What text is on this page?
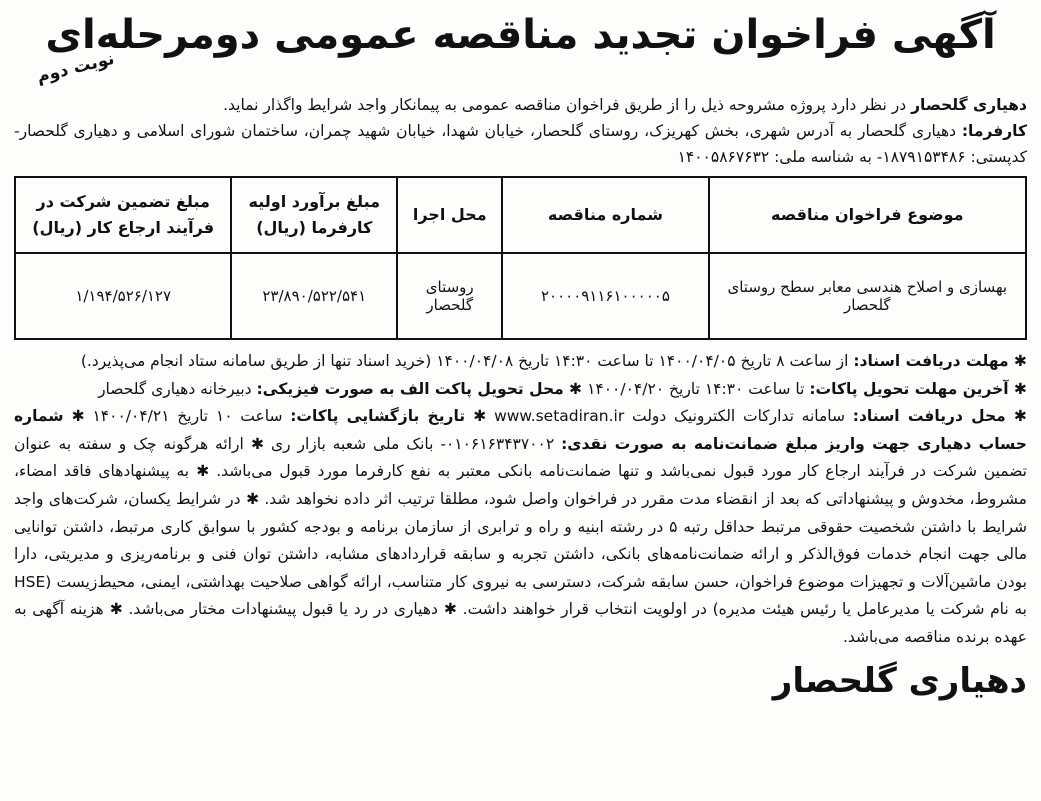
آگهی فراخوان تجدید مناقصه عمومی دومرحله‌ای
نوبت دوم

دهیاری گلحصار در نظر دارد پروژه مشروحه ذیل را از طریق فراخوان مناقصه عمومی به پیمانکار واجد شرایط واگذار نماید.

کارفرما: دهیاری گلحصار به آدرس شهری، بخش کهریزک، روستای گلحصار، خیابان شهدا، خیابان شهید چمران، ساختمان شورای اسلامی و دهیاری گلحصار- کدپستی: ۱۸۷۹۱۵۳۴۸۶- به شناسه ملی: ۱۴۰۰۵۸۶۷۶۳۲

موضوع فراخوان مناقصه	شماره مناقصه	محل اجرا	مبلغ برآورد اولیه کارفرما (ریال)	مبلغ تضمین شرکت در فرآیند ارجاع کار (ریال)
بهسازی و اصلاح هندسی معابر سطح روستای گلحصار	۲۰۰۰۰۹۱۱۶۱۰۰۰۰۰۵	روستای گلحصار	۲۳/۸۹۰/۵۲۲/۵۴۱	۱/۱۹۴/۵۲۶/۱۲۷

✱ مهلت دریافت اسناد: از ساعت ۸ تاریخ ۱۴۰۰/۰۴/۰۵ تا ساعت ۱۴:۳۰ تاریخ ۱۴۰۰/۰۴/۰۸ (خرید اسناد تنها از طریق سامانه ستاد انجام می‌پذیرد.)
✱ آخرین مهلت تحویل پاکات: تا ساعت ۱۴:۳۰ تاریخ ۱۴۰۰/۰۴/۲۰ ✱ محل تحویل پاکت الف به صورت فیزیکی: دبیرخانه دهیاری گلحصار
✱ محل دریافت اسناد: سامانه تدارکات الکترونیک دولت www.setadiran.ir ✱ تاریخ بازگشایی پاکات: ساعت ۱۰ تاریخ ۱۴۰۰/۰۴/۲۱ ✱ شماره حساب دهیاری جهت واریز مبلغ ضمانت‌نامه به صورت نقدی: ۰۱۰۶۱۶۳۴۳۷۰۰۲- بانک ملی شعبه بازار ری ✱ ارائه هرگونه چک و سفته به عنوان تضمین شرکت در فرآیند ارجاع کار مورد قبول نمی‌باشد و تنها ضمانت‌نامه بانکی معتبر به نفع کارفرما مورد قبول می‌باشد. ✱ به پیشنهادهای فاقد امضاء، مشروط، مخدوش و پیشنهاداتی که بعد از انقضاء مدت مقرر در فراخوان واصل شود، مطلقا ترتیب اثر داده نخواهد شد. ✱ در شرایط یکسان، شرکت‌های واجد شرایط با داشتن شخصیت حقوقی مرتبط حداقل رتبه ۵ در رشته ابنیه و راه و ترابری از سازمان برنامه و بودجه کشور با سوابق کاری مرتبط، داشتن توانایی مالی جهت انجام خدمات فوق‌الذکر و ارائه ضمانت‌نامه‌های بانکی، داشتن تجربه و سابقه قراردادهای مشابه، داشتن توان فنی و برنامه‌ریزی و مدیریتی، دارا بودن ماشین‌آلات و تجهیزات موضوع فراخوان، حسن سابقه شرکت، دسترسی به نیروی کار متناسب، ارائه گواهی صلاحیت بهداشتی، ایمنی، محیط‌زیست (HSE به نام شرکت یا مدیرعامل یا رئیس هیئت مدیره) در اولویت انتخاب قرار خواهند داشت. ✱ دهیاری در رد یا قبول پیشنهادات مختار می‌باشد. ✱ هزینه آگهی به عهده برنده مناقصه می‌باشد.

دهیاری گلحصار
